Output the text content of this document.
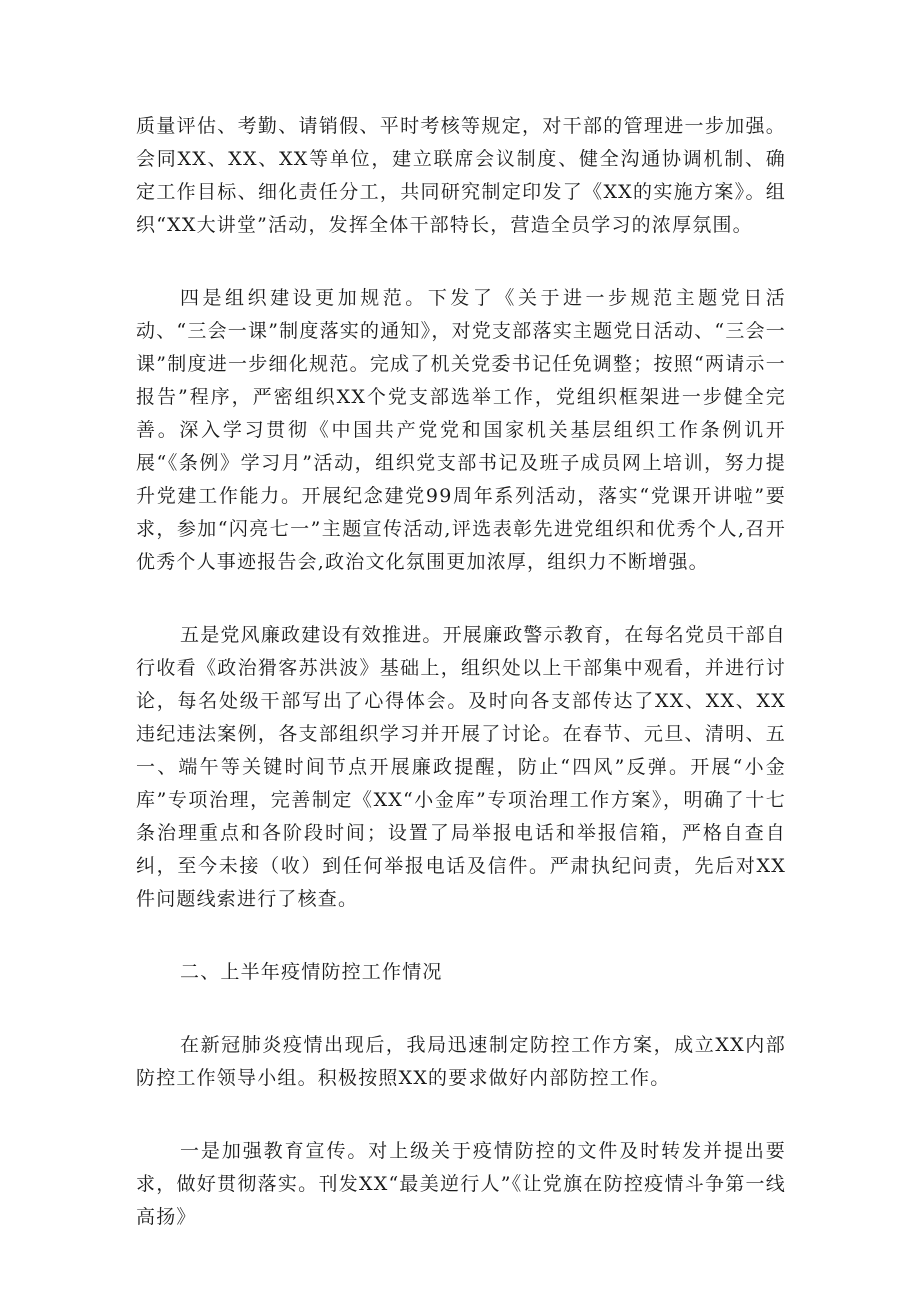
质量评估、考勤、请销假、平时考核等规定，对干部的管理进一步加强。会同XX、XX、XX等单位，建立联席会议制度、健全沟通协调机制、确定工作目标、细化责任分工，共同研究制定印发了《XX的实施方案》。组织“XX大讲堂”活动，发挥全体干部特长，营造全员学习的浓厚氛围。

四是组织建设更加规范。下发了《关于进一步规范主题党日活动、“三会一课”制度落实的通知》，对党支部落实主题党日活动、“三会一课”制度进一步细化规范。完成了机关党委书记任免调整；按照“两请示一报告”程序，严密组织XX个党支部选举工作，党组织框架进一步健全完善。深入学习贯彻《中国共产党党和国家机关基层组织工作条例讥开展“《条例》学习月”活动，组织党支部书记及班子成员网上培训，努力提升党建工作能力。开展纪念建党99周年系列活动，落实“党课开讲啦”要求，参加“闪亮七一”主题宣传活动,评选表彰先进党组织和优秀个人,召开优秀个人事迹报告会,政治文化氛围更加浓厚，组织力不断增强。

五是党风廉政建设有效推进。开展廉政警示教育，在每名党员干部自行收看《政治猾客苏洪波》基础上，组织处以上干部集中观看，并进行讨论，每名处级干部写出了心得体会。及时向各支部传达了XX、XX、XX违纪违法案例，各支部组织学习并开展了讨论。在春节、元旦、清明、五一、端午等关键时间节点开展廉政提醒，防止“四风”反弹。开展“小金库”专项治理，完善制定《XX“小金库”专项治理工作方案》，明确了十七条治理重点和各阶段时间；设置了局举报电话和举报信箱，严格自查自纠，至今未接（收）到任何举报电话及信件。严肃执纪问责，先后对XX件问题线索进行了核查。

二、上半年疫情防控工作情况

在新冠肺炎疫情出现后，我局迅速制定防控工作方案，成立XX内部防控工作领导小组。积极按照XX的要求做好内部防控工作。

一是加强教育宣传。对上级关于疫情防控的文件及时转发并提出要求，做好贯彻落实。刊发XX“最美逆行人”《让党旗在防控疫情斗争第一线高扬》
